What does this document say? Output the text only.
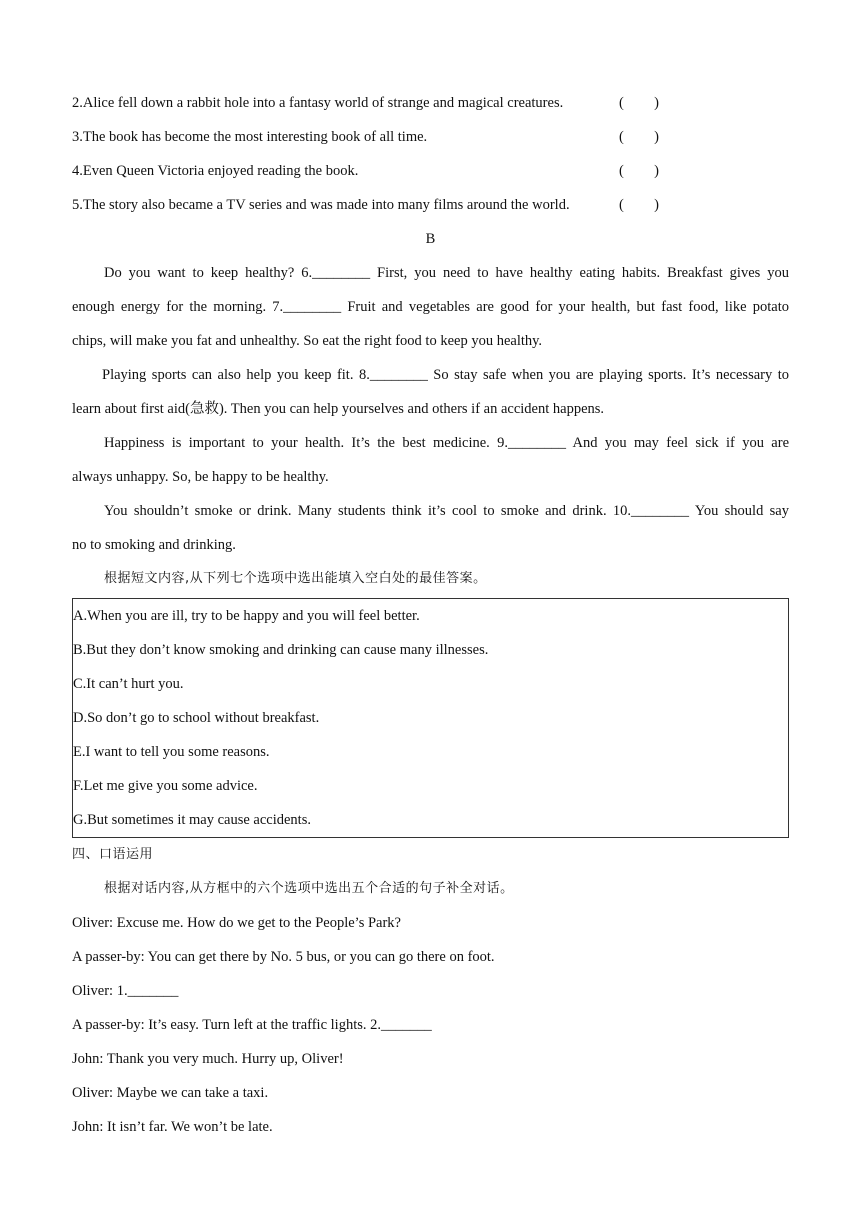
2.Alice fell down a rabbit hole into a fantasy world of strange and magical creatures.	( )
3.The book has become the most interesting book of all time.	( )
4.Even Queen Victoria enjoyed reading the book.	( )
5.The story also became a TV series and was made into many films around the world.	( )
B
Do you want to keep healthy? 6.________ First, you need to have healthy eating habits. Breakfast gives you
enough energy for the morning. 7.________ Fruit and vegetables are good for your health, but fast food, like potato
chips, will make you fat and unhealthy. So eat the right food to keep you healthy.
Playing sports can also help you keep fit. 8.________ So stay safe when you are playing sports. It’s necessary to
learn about first aid(急救). Then you can help yourselves and others if an accident happens.
Happiness is important to your health. It’s the best medicine. 9.________ And you may feel sick if you are
always unhappy. So, be happy to be healthy.
You shouldn’t smoke or drink. Many students think it’s cool to smoke and drink. 10.________ You should say
no to smoking and drinking.
根据短文内容,从下列七个选项中选出能填入空白处的最佳答案。
A.When you are ill, try to be happy and you will feel better.
B.But they don’t know smoking and drinking can cause many illnesses.
C.It can’t hurt you.
D.So don’t go to school without breakfast.
E.I want to tell you some reasons.
F.Let me give you some advice.
G.But sometimes it may cause accidents.
四、口语运用
根据对话内容,从方框中的六个选项中选出五个合适的句子补全对话。
Oliver: Excuse me. How do we get to the People’s Park?
A passer-by: You can get there by No. 5 bus, or you can go there on foot.
Oliver: 1._______
A passer-by: It’s easy. Turn left at the traffic lights. 2._______
John: Thank you very much. Hurry up, Oliver!
Oliver: Maybe we can take a taxi.
John: It isn’t far. We won’t be late.
